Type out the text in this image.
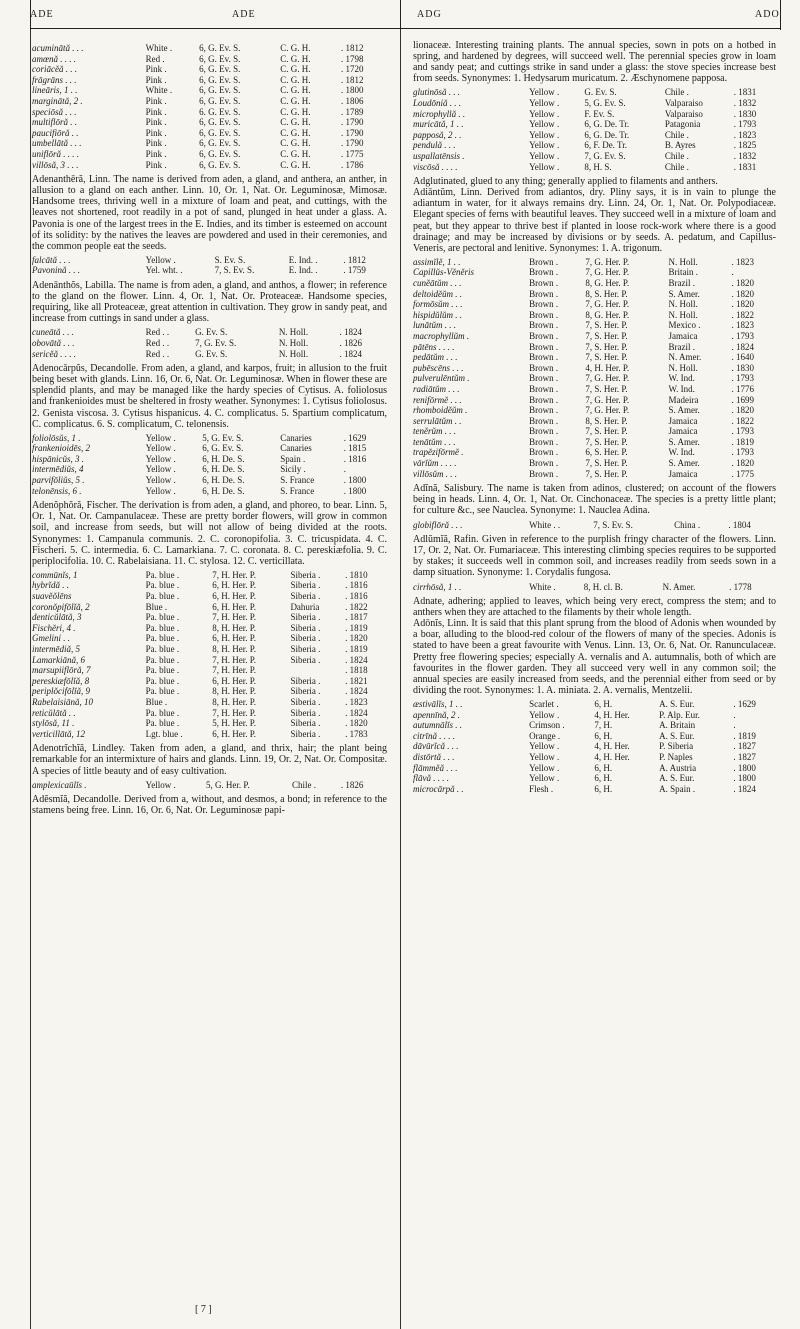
ADE	ADE	ADG	ADO
acuminātă . . .	White .	6, G. Ev. S.	C. G. H.	. 1812
amœnă . . . .	Red .	6, G. Ev. S.	C. G. H.	. 1798
coriācĕă . . .	Pink .	6, G. Ev. S.	C. G. H.	. 1720
frāgrāns . . .	Pink .	6, G. Ev. S.	C. G. H.	. 1812
lineāris, 1 . .	White .	6, G. Ev. S.	C. G. H.	. 1800
marginātă, 2 .	Pink .	6, G. Ev. S.	C. G. H.	. 1806
speciōsă . . .	Pink .	6. G. Ev. S.	C. G. H.	. 1789
multiflōră . .	Pink .	6, G. Ev. S.	C. G. H.	. 1790
paucifiōră . .	Pink .	6, G. Ev. S.	C. G. H.	. 1790
umbellātă . . .	Pink .	6, G. Ev. S.	C. G. H.	. 1790
uniflōră . . . .	Pink .	6, G. Ev. S.	C. G. H.	. 1775
villōsă, 3 . . .	Pink .	6, G. Ev. S.	C. G. H.	. 1786

Adenanthēră, Linn. The name is derived from aden, a gland, and anthera, an anther, in allusion to a gland on each anther. Linn. 10, Or. 1, Nat. Or. Leguminosæ, Mimosæ. Handsome trees, thriving well in a mixture of loam and peat, and cuttings, with the leaves not shortened, root readily in a pot of sand, plunged in heat under a glass. A. Pavonia is one of the largest trees in the E. Indies, and its timber is esteemed on account of its solidity: by the natives the leaves are powdered and used in their ceremonies, and the common people eat the seeds.

falcātă . . .	Yellow .	S. Ev. S.	E. Ind. .	. 1812
Pavonină . . .	Yel. wht. .	7, S. Ev. S.	E. Ind. .	. 1759

Adenānthŏs, Labilla. The name is from aden, a gland, and anthos, a flower; in reference to the gland on the flower. Linn. 4, Or. 1, Nat. Or. Proteaceæ. Handsome species, requiring, like all Proteaceæ, great attention in cultivation. They grow in sandy peat, and increase from cuttings in sand under a glass.

cuneātă . . .	Red . .	G. Ev. S.	N. Holl.	. 1824
obovātă . . .	Red . .	7, G. Ev. S.	N. Holl.	. 1826
sericĕă . . . .	Red . .	G. Ev. S.	N. Holl.	. 1824

Adenocārpŭs, Decandolle. From aden, a gland, and karpos, fruit; in allusion to the fruit being beset with glands. Linn. 16, Or. 6, Nat. Or. Leguminosæ. When in flower these are splendid plants, and may be managed like the hardy species of Cytisus. A. foliolosus and frankenioides must be sheltered in frosty weather. Synonymes: 1. Cytisus foliolosus. 2. Genista viscosa. 3. Cytisus hispanicus. 4. C. complicatus. 5. Spartium complicatum, C. complicatus. 6. S. complicatum, C. telonensis.

foliolōsŭs, 1 .	Yellow .	5, G. Ev. S.	Canaries	. 1629
frankenioidēs, 2	Yellow .	6, G. Ev. S.	Canaries	. 1815
hispānicŭs, 3 .	Yellow .	6, H. De. S.	Spain .	. 1816
intermēdiŭs, 4	Yellow .	6, H. De. S.	Sicily .	.
parvifōliŭs, 5 .	Yellow .	6, H. De. S.	S. France	. 1800
telonēnsis, 6 .	Yellow .	6, H. De. S.	S. France	. 1800

Adenŏphŏră, Fischer. The derivation is from aden, a gland, and phoreo, to bear. Linn. 5, Or. 1, Nat. Or. Campanulaceæ. These are pretty border flowers, will grow in common soil, and increase from seeds, but will not allow of being divided at the roots. Synonymes: 1. Campanula communis. 2. C. coronopifolia. 3. C. tricuspidata. 4. C. Fischeri. 5. C. intermedia. 6. C. Lamarkiana. 7. C. coronata. 8. C. pereskiæfolia. 9. C. periplocifolia. 10. C. Rabelaisiana. 11. C. stylosa. 12. C. verticillata.

commūnĭs, 1	Pa. blue .	7, H. Her. P.	Siberia .	. 1810
hybrĭdă . .	Pa. blue .	6, H. Her. P.	Siberia .	. 1816
suavĕŏlēns	Pa. blue .	6, H. Her. P.	Siberia .	. 1816
coronŏpifōlĭă, 2	Blue .	6, H. Her. P.	Dahuria	. 1822
denticŭlātă, 3	Pa. blue .	7, H. Her. P.	Siberia .	. 1817
Fischĕri, 4 .	Pa. blue .	8, H. Her. P.	Siberia .	. 1819
Gmelini . .	Pa. blue .	6, H. Her. P.	Siberia .	. 1820
intermēdiă, 5	Pa. blue .	8, H. Her. P.	Siberia .	. 1819
Lamarkiānă, 6	Pa. blue .	7, H. Her. P.	Siberia .	. 1824
marsupiiflōră, 7	Pa. blue .	7, H. Her. P.		. 1818
pereskiæfōlĭă, 8	Pa. blue .	6, H. Her. P.	Siberia .	. 1821
periplŏcifōlĭă, 9	Pa. blue .	8, H. Her. P.	Siberia .	. 1824
Rabelaisiānă, 10	Blue .	8, H. Her. P.	Siberia .	. 1823
reticŭlātă . .	Pa. blue .	7, H. Her. P.	Siberia .	. 1824
stylōsă, 11 .	Pa. blue .	5, H. Her. P.	Siberia .	. 1820
verticillātă, 12	Lgt. blue .	6, H. Her. P.	Siberia .	. 1783

Adenotrĭchĭă, Lindley. Taken from aden, a gland, and thrix, hair; the plant being remarkable for an intermixture of hairs and glands. Linn. 19, Or. 2, Nat. Or. Compositæ. A species of little beauty and of easy cultivation.

amplexicaūlĭs .	Yellow .	5, G. Her. P.	Chile .	. 1826

Adĕsmĭă, Decandolle. Derived from a, without, and desmos, a bond; in reference to the stamens being free. Linn. 16, Or. 6, Nat. Or. Leguminosæ papi-

lionaceæ. Interesting training plants. The annual species, sown in pots on a hotbed in spring, and hardened by degrees, will succeed well. The perennial species grow in loam and sandy peat; and cuttings strike in sand under a glass: the stove species increase best from seeds. Synonymes: 1. Hedysarum muricatum. 2. Æschynomene papposa.

glutinōsă . . .	Yellow .	G. Ev. S.	Chile .	. 1831
Loudōniă . . .	Yellow .	5, G. Ev. S.	Valparaiso	. 1832
microphyllă . .	Yellow .	F. Ev. S.	Valparaiso	. 1830
muricātă, 1 . .	Yellow .	6, G. De. Tr.	Patagonia	. 1793
papposă, 2 . .	Yellow .	6, G. De. Tr.	Chile .	. 1823
pendulă . . .	Yellow .	6, F. De. Tr.	B. Ayres	. 1825
uspallatēnsis .	Yellow .	7, G. Ev. S.	Chile .	. 1832
viscōsă . . . .	Yellow .	8, H. S.	Chile .	. 1831

Adglutinated, glued to any thing; generally applied to filaments and anthers.

Adiāntŭm, Linn. Derived from adiantos, dry. Pliny says, it is in vain to plunge the adiantum in water, for it always remains dry. Linn. 24, Or. 1, Nat. Or. Polypodiaceæ. Elegant species of ferns with beautiful leaves. They succeed well in a mixture of loam and peat, but they appear to thrive best if planted in loose rock-work where there is a good drainage; and may be increased by divisions or by seeds. A. pedatum, and Capillus-Veneris, are pectoral and lenitive. Synonymes: 1. A. trigonum.

assimĭlĕ, 1 . .	Brown .	7, G. Her. P.	N. Holl.	. 1823
Capillŭs-Vĕnĕris	Brown .	7, G. Her. P.	Britain .	.
cunĕātŭm . . .	Brown .	8, G. Her. P.	Brazil .	. 1820
deltoidĕŭm . .	Brown .	8, S. Her. P.	S. Amer.	. 1820
formōsŭm . . .	Brown .	7, G. Her. P.	N. Holl.	. 1820
hispidŭlŭm . .	Brown .	8, G. Her. P.	N. Holl.	. 1822
lunātŭm . . .	Brown .	7, S. Her. P.	Mexico .	. 1823
macrophyllŭm .	Brown .	7, S. Her. P.	Jamaica	. 1793
pātēns . . . .	Brown .	7, S. Her. P.	Brazil .	. 1824
pedātŭm . . .	Brown .	7, S. Her. P.	N. Amer.	. 1640
pubēscēns . . .	Brown .	4, H. Her. P.	N. Holl.	. 1830
pulverulēntŭm .	Brown .	7, G. Her. P.	W. Ind.	. 1793
radiātŭm . . .	Brown .	7, S. Her. P.	W. Ind.	. 1776
renifōrmĕ . . .	Brown .	7, G. Her. P.	Madeira	. 1699
rhomboidĕŭm .	Brown .	7, G. Her. P.	S. Amer.	. 1820
serrulātŭm . .	Brown .	8, S. Her. P.	Jamaica	. 1822
tenĕrŭm . . .	Brown .	7, S. Her. P.	Jamaica	. 1793
tenātŭm . . .	Brown .	7, S. Her. P.	S. Amer.	. 1819
trapĕzifōrmĕ .	Brown .	6, S. Her. P.	W. Ind.	. 1793
vārĭŭm . . . .	Brown .	7, S. Her. P.	S. Amer.	. 1820
villōsŭm . . .	Brown .	7, S. Her. P.	Jamaica	. 1775

Adĭnă, Salisbury. The name is taken from adinos, clustered; on account of the flowers being in heads. Linn. 4, Or. 1, Nat. Or. Cinchonaceæ. The species is a pretty little plant; for culture &c., see Nauclea. Synonyme: 1. Nauclea Adina.

globiflōră . . .	White . .	7, S. Ev. S.	China .	. 1804

Adlŭmĭă, Rafin. Given in reference to the purplish fringy character of the flowers. Linn. 17, Or. 2, Nat. Or. Fumariaceæ. This interesting climbing species requires to be supported by stakes; it succeeds well in common soil, and increases readily from seeds sown in a damp situation. Synonyme: 1. Corydalis fungosa.

cirrhōsă, 1 . .	White .	8, H. cl. B.	N. Amer.	. 1778

Adnate, adhering; applied to leaves, which being very erect, compress the stem; and to anthers when they are attached to the filaments by their whole length.

Adōnĭs, Linn. It is said that this plant sprung from the blood of Adonis when wounded by a boar, alluding to the blood-red colour of the flowers of many of the species. Adonis is stated to have been a great favourite with Venus. Linn. 13, Or. 6, Nat. Or. Ranunculaceæ. Pretty free flowering species; especially A. vernalis and A. autumnalis, both of which are favourites in the flower garden. They all succeed very well in any common soil; the annual species are easily increased from seeds, and the perennial either from seed or by dividing the root. Synonymes: 1. A. miniata. 2. A. vernalis, Mentzelii.

æstivālĭs, 1 . .	Scarlet .	6, H.	A. S. Eur.	. 1629
apennīnă, 2 .	Yellow .	4, H. Her.	P. Alp. Eur.	.
autumnālĭs . .	Crimson .	7, H.	A. Britain	.
citrīnă . . . .	Orange .	6, H.	A. S. Eur.	. 1819
dāvūrĭcă . . .	Yellow .	4, H. Her.	P. Siberia	. 1827
distōrtă . . .	Yellow .	4, H. Her.	P. Naples	. 1827
flāmmĕă . . .	Yellow .	6, H.	A. Austria	. 1800
flāvă . . . .	Yellow .	6, H.	A. S. Eur.	. 1800
microcārpă . .	Flesh .	6, H.	A. Spain .	. 1824
[ 7 ]
